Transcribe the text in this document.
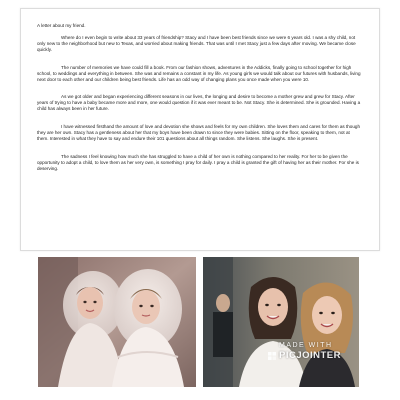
A letter about my friend.

Where do I even begin to write about 33 years of friendship? Stacy and I have been best friends since we were 6 years old. I was a shy child, not only new to the neighborhood but new to Texas, and worried about making friends. That was until I met Stacy just a few days after moving. We became close quickly.

The number of memories we have could fill a book. From our fashion shows, adventures in the Addicks, finally going to school together for high school, to weddings and everything in between. She was and remains a constant in my life. As young girls we would talk about our futures with husbands, living next door to each other and our children being best friends. Life has an odd way of changing plans you once made when you were 10.

As we got older and began experiencing different seasons in our lives, the longing and desire to become a mother grew and grew for Stacy. After years of trying to have a baby became more and more, one would question if it was ever meant to be. Not Stacy. She is determined. She is grounded. Having a child has always been in her future.

I have witnessed firsthand the amount of love and devotion she shows and feels for my own children. She loves them and cares for them as though they are her own. Stacy has a gentleness about her that my boys have been drawn to since they were babies. Sitting on the floor, speaking to them, not at them. Interested in what they have to say and endure their 101 questions about all things random. She listens. She laughs. She is present.

The sadness I feel knowing how much she has struggled to have a child of her own is nothing compared to her reality. For her to be given the opportunity to adopt a child, to love them as her very own, is something I pray for daily. I pray a child is granted the gift of having her as their mother. For she is deserving.

MADE WITH
PICJOINTER
